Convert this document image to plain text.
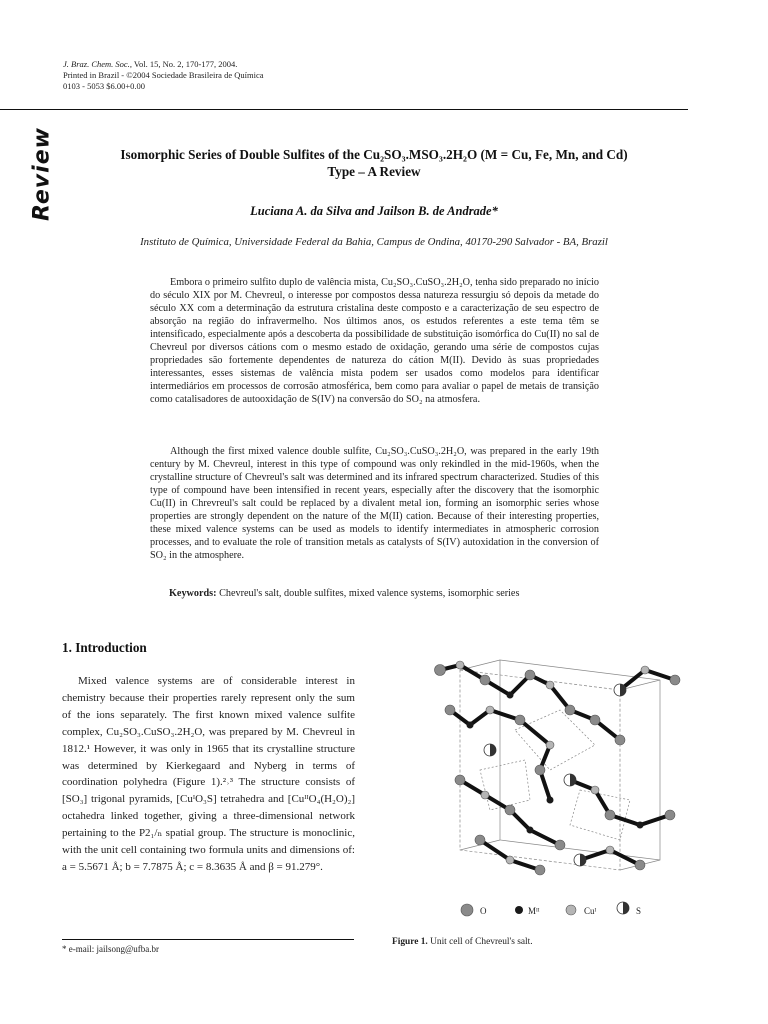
J. Braz. Chem. Soc., Vol. 15, No. 2, 170-177, 2004.
Printed in Brazil - ©2004 Sociedade Brasileira de Química
0103 - 5053 $6.00+0.00
Review	Isomorphic Series of Double Sulfites of the Cu₂SO₃.MSO₃.2H₂O (M = Cu, Fe, Mn, and Cd)
Type – A Review
Luciana A. da Silva and Jailson B. de Andrade*
Instituto de Química, Universidade Federal da Bahia, Campus de Ondina, 40170-290 Salvador - BA, Brazil
Embora o primeiro sulfito duplo de valência mista, Cu₂SO₃.CuSO₃.2H₂O, tenha sido preparado no início do século XIX por M. Chevreul, o interesse por compostos dessa natureza ressurgiu só depois da metade do século XX com a determinação da estrutura cristalina deste composto e a caracterização de seu espectro de absorção na região do infravermelho. Nos últimos anos, os estudos referentes a este tema têm se intensificado, especialmente após a descoberta da possibilidade de substituição isomórfica do Cu(II) no sal de Chevreul por diversos cátions com o mesmo estado de oxidação, gerando uma série de compostos cujas propriedades são fortemente dependentes de natureza do cátion M(II). Devido às suas propriedades interessantes, esses sistemas de valência mista podem ser usados como modelos para identificar intermediários em processos de corrosão atmosférica, bem como para avaliar o papel de metais de transição como catalisadores de autooxidação de S(IV) na conversão do SO₂ na atmosfera.
Although the first mixed valence double sulfite, Cu₂SO₃.CuSO₃.2H₂O, was prepared in the early 19th century by M. Chevreul, interest in this type of compound was only rekindled in the mid-1960s, when the crystalline structure of Chevreul's salt was determined and its infrared spectrum characterized. Studies of this type of compound have been intensified in recent years, especially after the discovery that the isomorphic Cu(II) in Chrevreul's salt could be replaced by a divalent metal ion, forming an isomorphic series whose properties are strongly dependent on the nature of the M(II) cation. Because of their interesting properties, these mixed valence systems can be used as models to identify intermediates in atmospheric corrosion processes, and to evaluate the role of transition metals as catalysts of S(IV) autoxidation in the conversion of SO₂ in the atmosphere.
Keywords: Chevreul's salt, double sulfites, mixed valence systems, isomorphic series
1. Introduction
Mixed valence systems are of considerable interest in chemistry because their properties rarely represent only the sum of the ions separately. The first known mixed valence sulfite complex, Cu₂SO₃.CuSO₃.2H₂O, was prepared by M. Chevreul in 1812.¹ However, it was only in 1965 that its crystalline structure was determined by Kierkegaard and Nyberg in terms of coordination polyhedra (Figure 1).²˒³ The structure consists of [SO₃] trigonal pyramids, [CuᴵO₃S] tetrahedra and [CuᴵᴵO₄(H₂O)₂] octahedra linked together, giving a three-dimensional network pertaining to the P2₁/ₙ spatial group. The structure is monoclinic, with the unit cell containing two formula units and dimensions of: a = 5.5671 Å; b = 7.7875 Å; c = 8.3635 Å and β = 91.279°.
* e-mail: jailsong@ufba.br
O	Mᴵᴵ	Cuᴵ	S
Figure 1. Unit cell of Chevreul's salt.
